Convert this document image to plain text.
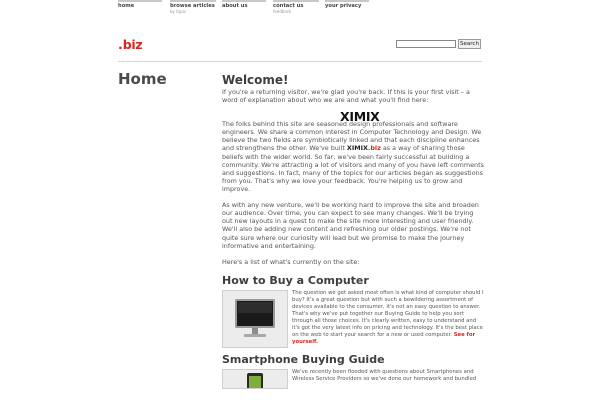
home	browse articles
by topic
about us	contact us
feedback
your privacy
XIMIX
. biz	Search
Home	Welcome!

If you're a returning visitor, we're glad you're back. If this is your first visit – a word of explanation about who we are and what you'll find here:

The folks behind this site are seasoned design professionals and software engineers. We share a common interest in Computer Technology and Design. We believe the two fields are symbiotically linked and that each discipline enhances and strengthens the other. We've built XIMIX.biz as a way of sharing those beliefs with the wider world. So far, we've been fairly successful at building a community. We're attracting a lot of visitors and many of you have left comments and suggestions. In fact, many of the topics for our articles began as suggestions from you. That's why we love your feedback. You're helping us to grow and improve.

As with any new venture, we'll be working hard to improve the site and broaden our audience. Over time, you can expect to see many changes. We'll be trying out new layouts in a quest to make the site more interesting and user friendly. We'll also be adding new content and refreshing our older postings. We're not quite sure where our curiosity will lead but we promise to make the journey informative and entertaining.

Here's a list of what's currently on the site:

How to Buy a Computer

The question we get asked most often is what kind of computer should I buy? It's a great question but with such a bewildering assortment of devices available to the consumer, it's not an easy question to answer. That's why we've put together our Buying Guide to help you sort through all those choices. It's clearly written, easy to understand and it's got the very latest info on pricing and technology. It's the best place on the web to start your search for a new or used computer. See for yourself.

Smartphone Buying Guide

We've recently been flooded with questions about Smartphones and Wireless Service Providers so we've done our homework and bundled
